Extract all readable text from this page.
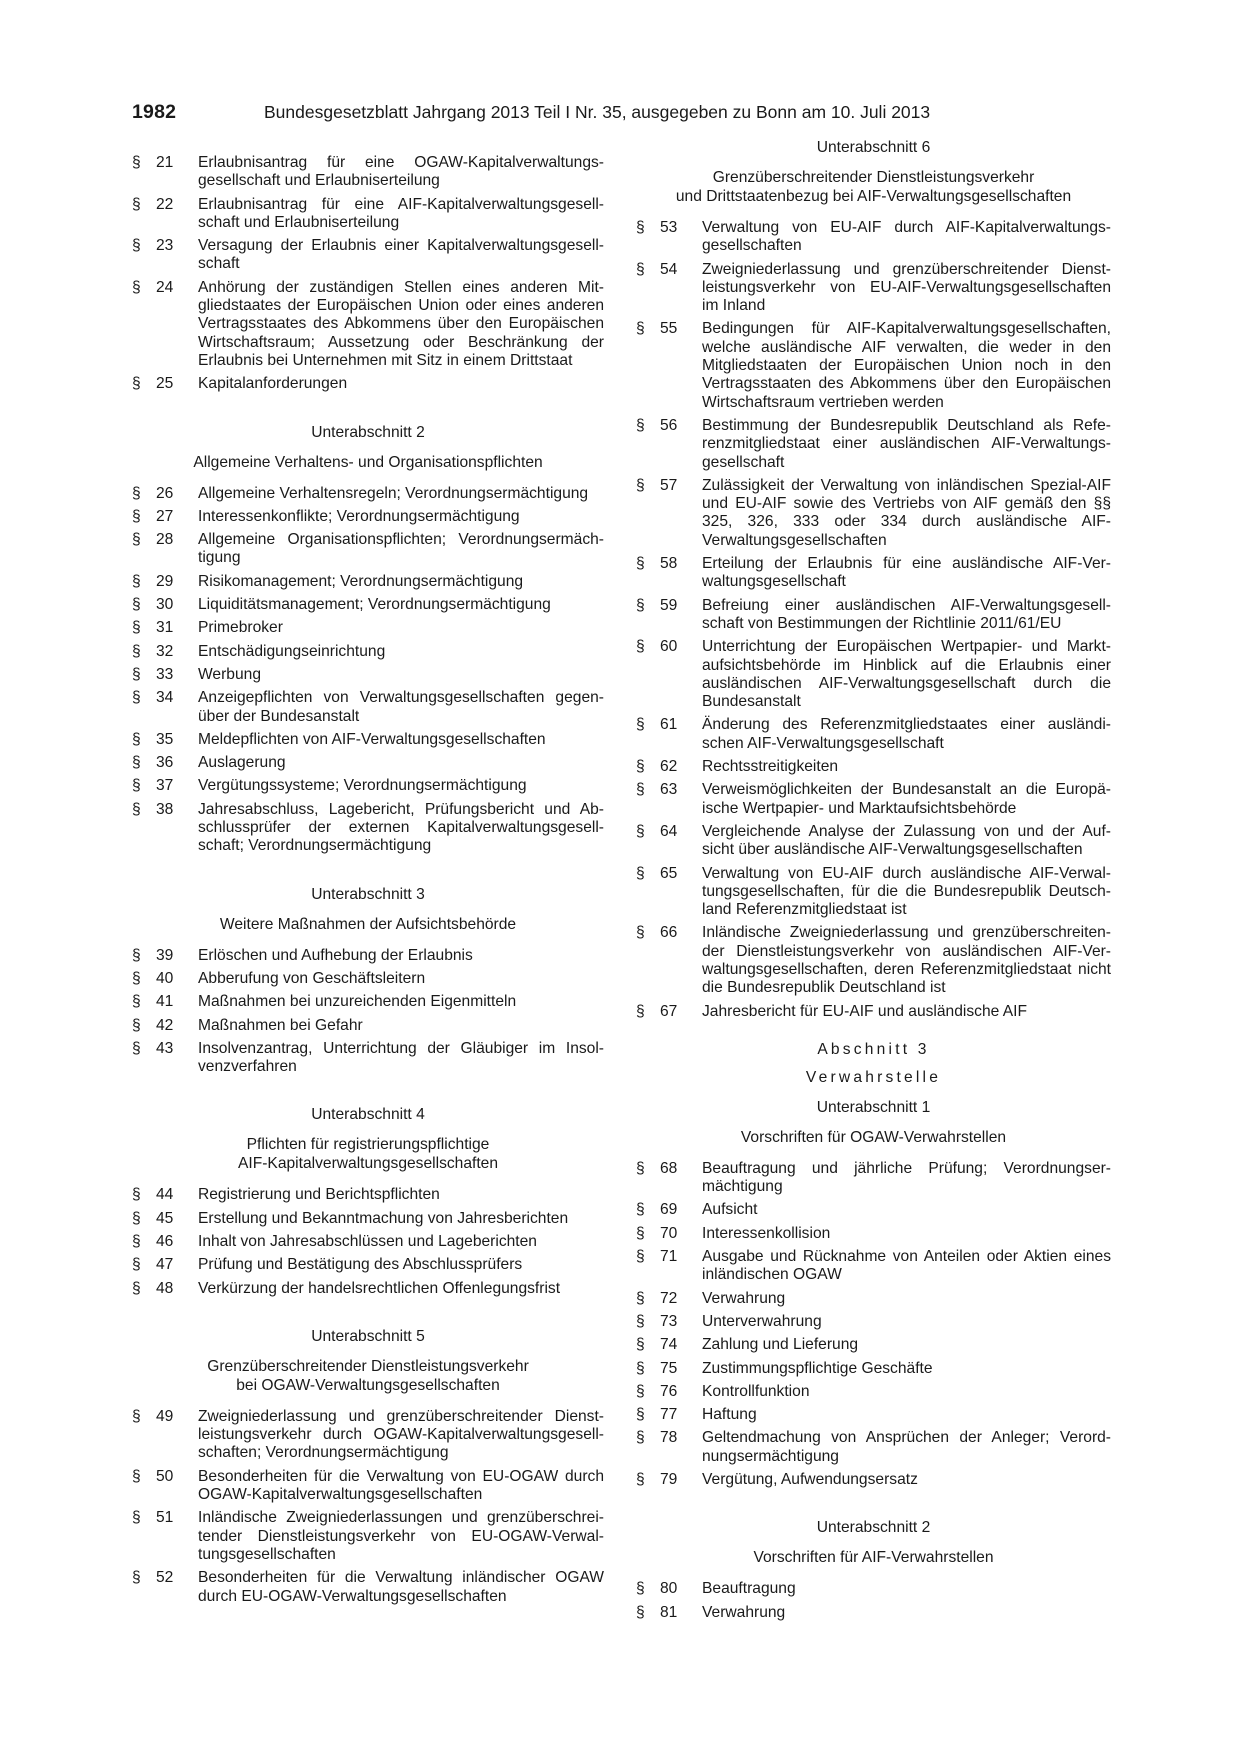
1982	Bundesgesetzblatt Jahrgang 2013 Teil I Nr. 35, ausgegeben zu Bonn am 10. Juli 2013
§ 21 Erlaubnisantrag für eine OGAW-Kapitalverwaltungs-gesellschaft und Erlaubniserteilung
§ 22 Erlaubnisantrag für eine AIF-Kapitalverwaltungsgesell-schaft und Erlaubniserteilung
§ 23 Versagung der Erlaubnis einer Kapitalverwaltungsgesell-schaft
§ 24 Anhörung der zuständigen Stellen eines anderen Mit-gliedstaates der Europäischen Union oder eines anderen Vertragsstaates des Abkommens über den Europäischen Wirtschaftsraum; Aussetzung oder Beschränkung der Erlaubnis bei Unternehmen mit Sitz in einem Drittstaat
§ 25 Kapitalanforderungen
Unterabschnitt 2
Allgemeine Verhaltens- und Organisationspflichten
§ 26 Allgemeine Verhaltensregeln; Verordnungsermächtigung
§ 27 Interessenkonflikte; Verordnungsermächtigung
§ 28 Allgemeine Organisationspflichten; Verordnungsermäch-tigung
§ 29 Risikomanagement; Verordnungsermächtigung
§ 30 Liquiditätsmanagement; Verordnungsermächtigung
§ 31 Primebroker
§ 32 Entschädigungseinrichtung
§ 33 Werbung
§ 34 Anzeigepflichten von Verwaltungsgesellschaften gegen-über der Bundesanstalt
§ 35 Meldepflichten von AIF-Verwaltungsgesellschaften
§ 36 Auslagerung
§ 37 Vergütungssysteme; Verordnungsermächtigung
§ 38 Jahresabschluss, Lagebericht, Prüfungsbericht und Ab-schlussprüfer der externen Kapitalverwaltungsgesell-schaft; Verordnungsermächtigung
Unterabschnitt 3
Weitere Maßnahmen der Aufsichtsbehörde
§ 39 Erlöschen und Aufhebung der Erlaubnis
§ 40 Abberufung von Geschäftsleitern
§ 41 Maßnahmen bei unzureichenden Eigenmitteln
§ 42 Maßnahmen bei Gefahr
§ 43 Insolvenzantrag, Unterrichtung der Gläubiger im Insol-venzverfahren
Unterabschnitt 4
Pflichten für registrierungspflichtige
AIF-Kapitalverwaltungsgesellschaften
§ 44 Registrierung und Berichtspflichten
§ 45 Erstellung und Bekanntmachung von Jahresberichten
§ 46 Inhalt von Jahresabschlüssen und Lageberichten
§ 47 Prüfung und Bestätigung des Abschlussprüfers
§ 48 Verkürzung der handelsrechtlichen Offenlegungsfrist
Unterabschnitt 5
Grenzüberschreitender Dienstleistungsverkehr
bei OGAW-Verwaltungsgesellschaften
§ 49 Zweigniederlassung und grenzüberschreitender Dienst-leistungsverkehr durch OGAW-Kapitalverwaltungsgesell-schaften; Verordnungsermächtigung
§ 50 Besonderheiten für die Verwaltung von EU-OGAW durch OGAW-Kapitalverwaltungsgesellschaften
§ 51 Inländische Zweigniederlassungen und grenzüberschrei-tender Dienstleistungsverkehr von EU-OGAW-Verwal-tungsgesellschaften
§ 52 Besonderheiten für die Verwaltung inländischer OGAW durch EU-OGAW-Verwaltungsgesellschaften
Unterabschnitt 6
Grenzüberschreitender Dienstleistungsverkehr
und Drittstaatenbezug bei AIF-Verwaltungsgesellschaften
§ 53 Verwaltung von EU-AIF durch AIF-Kapitalverwaltungs-gesellschaften
§ 54 Zweigniederlassung und grenzüberschreitender Dienst-leistungsverkehr von EU-AIF-Verwaltungsgesellschaften im Inland
§ 55 Bedingungen für AIF-Kapitalverwaltungsgesellschaften, welche ausländische AIF verwalten, die weder in den Mitgliedstaaten der Europäischen Union noch in den Vertragsstaaten des Abkommens über den Europäischen Wirtschaftsraum vertrieben werden
§ 56 Bestimmung der Bundesrepublik Deutschland als Refe-renzmitgliedstaat einer ausländischen AIF-Verwaltungs-gesellschaft
§ 57 Zulässigkeit der Verwaltung von inländischen Spezial-AIF und EU-AIF sowie des Vertriebs von AIF gemäß den §§ 325, 326, 333 oder 334 durch ausländische AIF-Verwaltungsgesellschaften
§ 58 Erteilung der Erlaubnis für eine ausländische AIF-Ver-waltungsgesellschaft
§ 59 Befreiung einer ausländischen AIF-Verwaltungsgesell-schaft von Bestimmungen der Richtlinie 2011/61/EU
§ 60 Unterrichtung der Europäischen Wertpapier- und Markt-aufsichtsbehörde im Hinblick auf die Erlaubnis einer ausländischen AIF-Verwaltungsgesellschaft durch die Bundesanstalt
§ 61 Änderung des Referenzmitgliedstaates einer ausländi-schen AIF-Verwaltungsgesellschaft
§ 62 Rechtsstreitigkeiten
§ 63 Verweismöglichkeiten der Bundesanstalt an die Europä-ische Wertpapier- und Marktaufsichtsbehörde
§ 64 Vergleichende Analyse der Zulassung von und der Auf-sicht über ausländische AIF-Verwaltungsgesellschaften
§ 65 Verwaltung von EU-AIF durch ausländische AIF-Verwal-tungsgesellschaften, für die die Bundesrepublik Deutsch-land Referenzmitgliedstaat ist
§ 66 Inländische Zweigniederlassung und grenzüberschreiten-der Dienstleistungsverkehr von ausländischen AIF-Ver-waltungsgesellschaften, deren Referenzmitgliedstaat nicht die Bundesrepublik Deutschland ist
§ 67 Jahresbericht für EU-AIF und ausländische AIF
Abschnitt 3
Verwahrstelle
Unterabschnitt 1
Vorschriften für OGAW-Verwahrstellen
§ 68 Beauftragung und jährliche Prüfung; Verordnungser-mächtigung
§ 69 Aufsicht
§ 70 Interessenkollision
§ 71 Ausgabe und Rücknahme von Anteilen oder Aktien eines inländischen OGAW
§ 72 Verwahrung
§ 73 Unterverwahrung
§ 74 Zahlung und Lieferung
§ 75 Zustimmungspflichtige Geschäfte
§ 76 Kontrollfunktion
§ 77 Haftung
§ 78 Geltendmachung von Ansprüchen der Anleger; Verord-nungsermächtigung
§ 79 Vergütung, Aufwendungsersatz
Unterabschnitt 2
Vorschriften für AIF-Verwahrstellen
§ 80 Beauftragung
§ 81 Verwahrung
